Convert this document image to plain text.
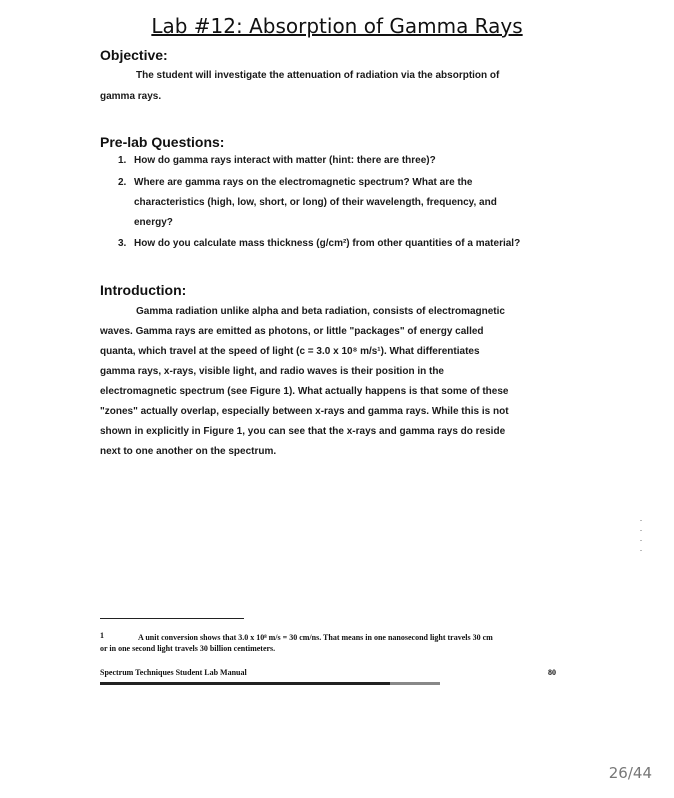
Lab #12: Absorption of Gamma Rays
Objective:
The student will investigate the attenuation of radiation via the absorption of
gamma rays.
Pre-lab Questions:
1. How do gamma rays interact with matter (hint: there are three)?
2. Where are gamma rays on the electromagnetic spectrum? What are the
characteristics (high, low, short, or long) of their wavelength, frequency, and
energy?
3. How do you calculate mass thickness (g/cm²) from other quantities of a material?
Introduction:
Gamma radiation unlike alpha and beta radiation, consists of electromagnetic
waves. Gamma rays are emitted as photons, or little "packages" of energy called
quanta, which travel at the speed of light (c = 3.0 x 10⁸ m/s¹). What differentiates
gamma rays, x-rays, visible light, and radio waves is their position in the
electromagnetic spectrum (see Figure 1). What actually happens is that some of these
"zones" actually overlap, especially between x-rays and gamma rays. While this is not
shown in explicitly in Figure 1, you can see that the x-rays and gamma rays do reside
next to one another on the spectrum.
1	A unit conversion shows that 3.0 x 10⁸ m/s = 30 cm/ns. That means in one nanosecond light travels 30 cm
or in one second light travels 30 billion centimeters.
Spectrum Techniques Student Lab Manual	80
26/44
